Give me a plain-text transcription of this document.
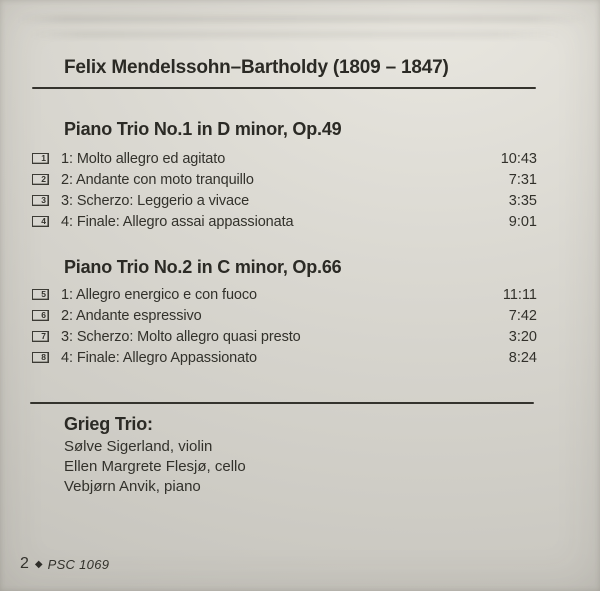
Felix Mendelssohn–Bartholdy (1809 – 1847)
Piano Trio No.1 in D minor, Op.49
1 1: Molto allegro ed agitato	10:43
2 2: Andante con moto tranquillo	7:31
3 3: Scherzo: Leggerio a vivace	3:35
4 4: Finale: Allegro assai appassionata	9:01
Piano Trio No.2 in C minor, Op.66
5 1: Allegro energico e con fuoco	11:11
6 2: Andante espressivo	7:42
7 3: Scherzo: Molto allegro quasi presto	3:20
8 4: Finale: Allegro Appassionato	8:24
Grieg Trio:
Sølve Sigerland, violin
Ellen Margrete Flesjø, cello
Vebjørn Anvik, piano
2 ◆ PSC 1069
